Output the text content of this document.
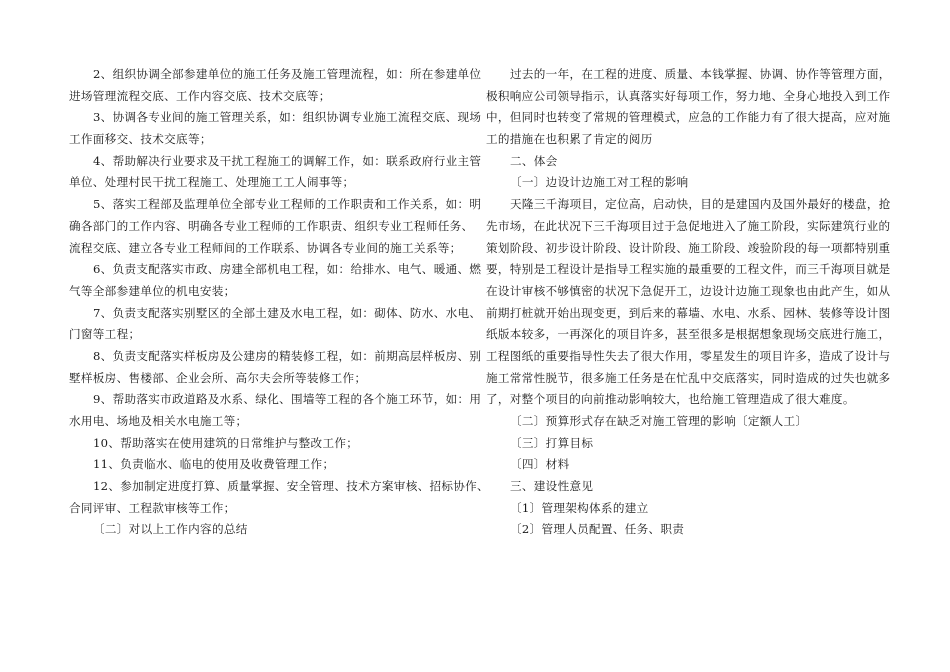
2、组织协调全部参建单位的施工任务及施工管理流程，如：所在参建单位
进场管理流程交底、工作内容交底、技术交底等；
3、协调各专业间的施工管理关系，如：组织协调专业施工流程交底、现场
工作面移交、技术交底等；
4、帮助解决行业要求及干扰工程施工的调解工作，如：联系政府行业主管
单位、处理村民干扰工程施工、处理施工工人闹事等；
5、落实工程部及监理单位全部专业工程师的工作职责和工作关系，如：明
确各部门的工作内容、明确各专业工程师的工作职责、组织专业工程师任务、
流程交底、建立各专业工程师间的工作联系、协调各专业间的施工关系等；
6、负责支配落实市政、房建全部机电工程，如：给排水、电气、暖通、燃
气等全部参建单位的机电安装；
7、负责支配落实别墅区的全部土建及水电工程，如：砌体、防水、水电、
门窗等工程；
8、负责支配落实样板房及公建房的精装修工程，如：前期高层样板房、别
墅样板房、售楼部、企业会所、高尔夫会所等装修工作；
9、帮助落实市政道路及水系、绿化、围墙等工程的各个施工环节，如：用
水用电、场地及相关水电施工等；
10、帮助落实在使用建筑的日常维护与整改工作；
11、负责临水、临电的使用及收费管理工作；
12、参加制定进度打算、质量掌握、安全管理、技术方案审核、招标协作、
合同评审、工程款审核等工作；
〔二〕对以上工作内容的总结
过去的一年，在工程的进度、质量、本钱掌握、协调、协作等管理方面，
极积响应公司领导指示，认真落实好每项工作，努力地、全身心地投入到工作
中，但同时也转变了常规的管理模式，应急的工作能力有了很大提高，应对施
工的措施在也积累了肯定的阅历
二、体会
〔一〕边设计边施工对工程的影响
天隆三千海项目，定位高，启动快，目的是建国内及国外最好的楼盘，抢
先市场，在此状况下三千海项目过于急促地进入了施工阶段，实际建筑行业的
策划阶段、初步设计阶段、设计阶段、施工阶段、竣验阶段的每一项都特别重
要，特别是工程设计是指导工程实施的最重要的工程文件，而三千海项目就是
在设计审核不够慎密的状况下急促开工，边设计边施工现象也由此产生，如从
前期打桩就开始出现变更，到后来的幕墙、水电、水系、园林、装修等设计图
纸版本较多，一再深化的项目许多，甚至很多是根据想象现场交底进行施工，
工程图纸的重要指导性失去了很大作用，零星发生的项目许多，造成了设计与
施工常常性脱节，很多施工任务是在忙乱中交底落实，同时造成的过失也就多
了，对整个项目的向前推动影响较大，也给施工管理造成了很大难度。
〔二〕预算形式存在缺乏对施工管理的影响〔定额人工〕
〔三〕打算目标
〔四〕材料
三、建设性意见
〔1〕管理架构体系的建立
〔2〕管理人员配置、任务、职责
